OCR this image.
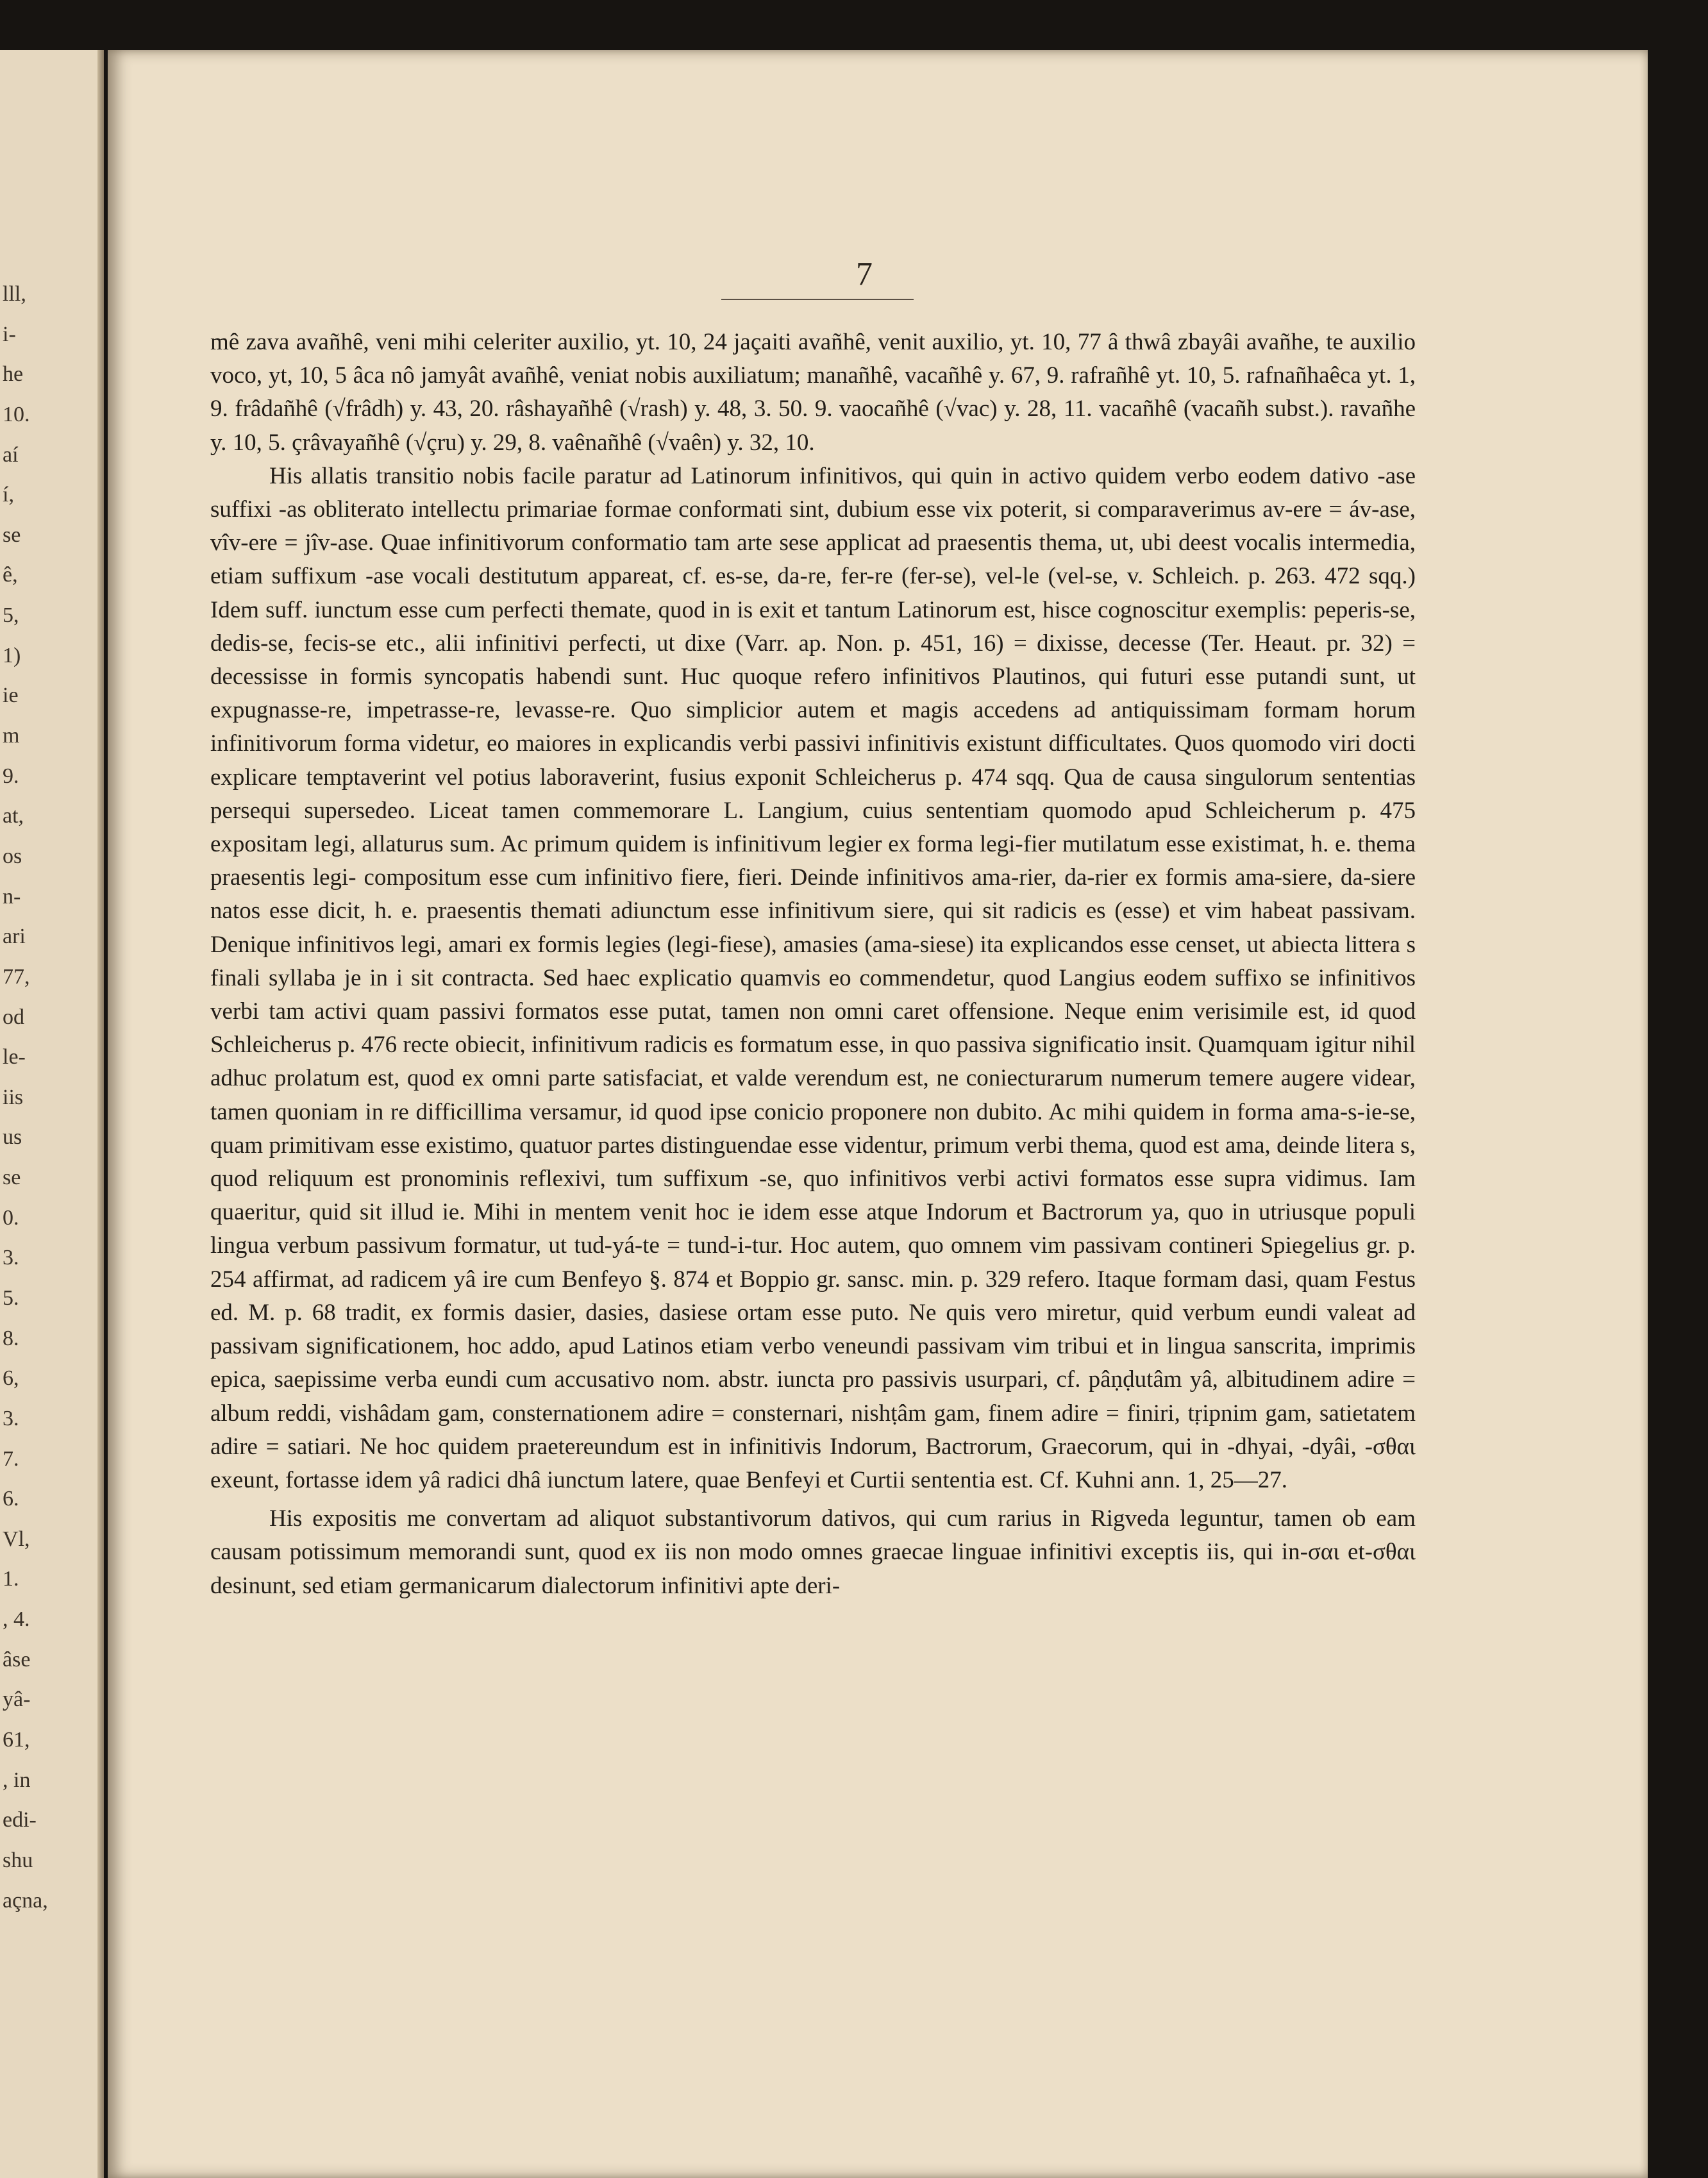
lll,
i-
he
10.
aí
í,
se
ê,
5,
1)
ie
m
9.
at,
os
n-
ari
77,
od
le-
iis
us
se
0.
3.
5.
8.
6,
3.
7.
6.
Vl,
1.
, 4.
âse
yâ-
61,
, in
edi-
shu
açna,
7

mê zava avañhê, veni mihi celeriter auxilio, yt. 10, 24 jaçaiti avañhê, venit auxilio, yt. 10, 77 â thwâ zbayâi avañhe, te auxilio voco, yt, 10, 5 âca nô jamyât avañhê, veniat nobis auxiliatum; manañhê, vacañhê y. 67, 9. rafrañhê yt. 10, 5. rafnañhaêca yt. 1, 9. frâdañhê (√frâdh) y. 43, 20. râshayañhê (√rash) y. 48, 3. 50. 9. vaocañhê (√vac) y. 28, 11. vacañhê (vacañh subst.). ravañhe y. 10, 5. çrâvayañhê (√çru) y. 29, 8. vaênañhê (√vaên) y. 32, 10.

His allatis transitio nobis facile paratur ad Latinorum infinitivos, qui quin in activo quidem verbo eodem dativo -ase suffixi -as obliterato intellectu primariae formae conformati sint, dubium esse vix poterit, si comparaverimus av-ere = áv-ase, vîv-ere = jîv-ase. Quae infinitivorum conformatio tam arte sese applicat ad praesentis thema, ut, ubi deest vocalis intermedia, etiam suffixum -ase vocali destitutum appareat, cf. es-se, da-re, fer-re (fer-se), vel-le (vel-se, v. Schleich. p. 263. 472 sqq.) Idem suff. iunctum esse cum perfecti themate, quod in is exit et tantum Latinorum est, hisce cognoscitur exemplis: peperis-se, dedis-se, fecis-se etc., alii infinitivi perfecti, ut dixe (Varr. ap. Non. p. 451, 16) = dixisse, decesse (Ter. Heaut. pr. 32) = decessisse in formis syncopatis habendi sunt. Huc quoque refero infinitivos Plautinos, qui futuri esse putandi sunt, ut expugnasse-re, impetrasse-re, levasse-re. Quo simplicior autem et magis accedens ad antiquissimam formam horum infinitivorum forma videtur, eo maiores in explicandis verbi passivi infinitivis existunt difficultates. Quos quomodo viri docti explicare temptaverint vel potius laboraverint, fusius exponit Schleicherus p. 474 sqq. Qua de causa singulorum sententias persequi supersedeo. Liceat tamen commemorare L. Langium, cuius sententiam quomodo apud Schleicherum p. 475 expositam legi, allaturus sum. Ac primum quidem is infinitivum legier ex forma legi-fier mutilatum esse existimat, h. e. thema praesentis legi- compositum esse cum infinitivo fiere, fieri. Deinde infinitivos ama-rier, da-rier ex formis ama-siere, da-siere natos esse dicit, h. e. praesentis themati adiunctum esse infinitivum siere, qui sit radicis es (esse) et vim habeat passivam. Denique infinitivos legi, amari ex formis legies (legi-fiese), amasies (ama-siese) ita explicandos esse censet, ut abiecta littera s finali syllaba je in i sit contracta. Sed haec explicatio quamvis eo commendetur, quod Langius eodem suffixo se infinitivos verbi tam activi quam passivi formatos esse putat, tamen non omni caret offensione. Neque enim verisimile est, id quod Schleicherus p. 476 recte obiecit, infinitivum radicis es formatum esse, in quo passiva significatio insit. Quamquam igitur nihil adhuc prolatum est, quod ex omni parte satisfaciat, et valde verendum est, ne coniecturarum numerum temere augere videar, tamen quoniam in re difficillima versamur, id quod ipse conicio proponere non dubito. Ac mihi quidem in forma ama-s-ie-se, quam primitivam esse existimo, quatuor partes distinguendae esse videntur, primum verbi thema, quod est ama, deinde litera s, quod reliquum est pronominis reflexivi, tum suffixum -se, quo infinitivos verbi activi formatos esse supra vidimus. Iam quaeritur, quid sit illud ie. Mihi in mentem venit hoc ie idem esse atque Indorum et Bactrorum ya, quo in utriusque populi lingua verbum passivum formatur, ut tud-yá-te = tund-i-tur. Hoc autem, quo omnem vim passivam contineri Spiegelius gr. p. 254 affirmat, ad radicem yâ ire cum Benfeyo §. 874 et Boppio gr. sansc. min. p. 329 refero. Itaque formam dasi, quam Festus ed. M. p. 68 tradit, ex formis dasier, dasies, dasiese ortam esse puto. Ne quis vero miretur, quid verbum eundi valeat ad passivam significationem, hoc addo, apud Latinos etiam verbo veneundi passivam vim tribui et in lingua sanscrita, imprimis epica, saepissime verba eundi cum accusativo nom. abstr. iuncta pro passivis usurpari, cf. pâṇḍutâm yâ, albitudinem adire = album reddi, vishâdam gam, consternationem adire = consternari, nishṭâm gam, finem adire = finiri, tṛipnim gam, satietatem adire = satiari. Ne hoc quidem praetereundum est in infinitivis Indorum, Bactrorum, Graecorum, qui in -dhyai, -dyâi, -σθαι exeunt, fortasse idem yâ radici dhâ iunctum latere, quae Benfeyi et Curtii sententia est. Cf. Kuhni ann. 1, 25—27.

His expositis me convertam ad aliquot substantivorum dativos, qui cum rarius in Rigveda leguntur, tamen ob eam causam potissimum memorandi sunt, quod ex iis non modo omnes graecae linguae infinitivi exceptis iis, qui in-σαι et-σθαι desinunt, sed etiam germanicarum dialectorum infinitivi apte deri-
